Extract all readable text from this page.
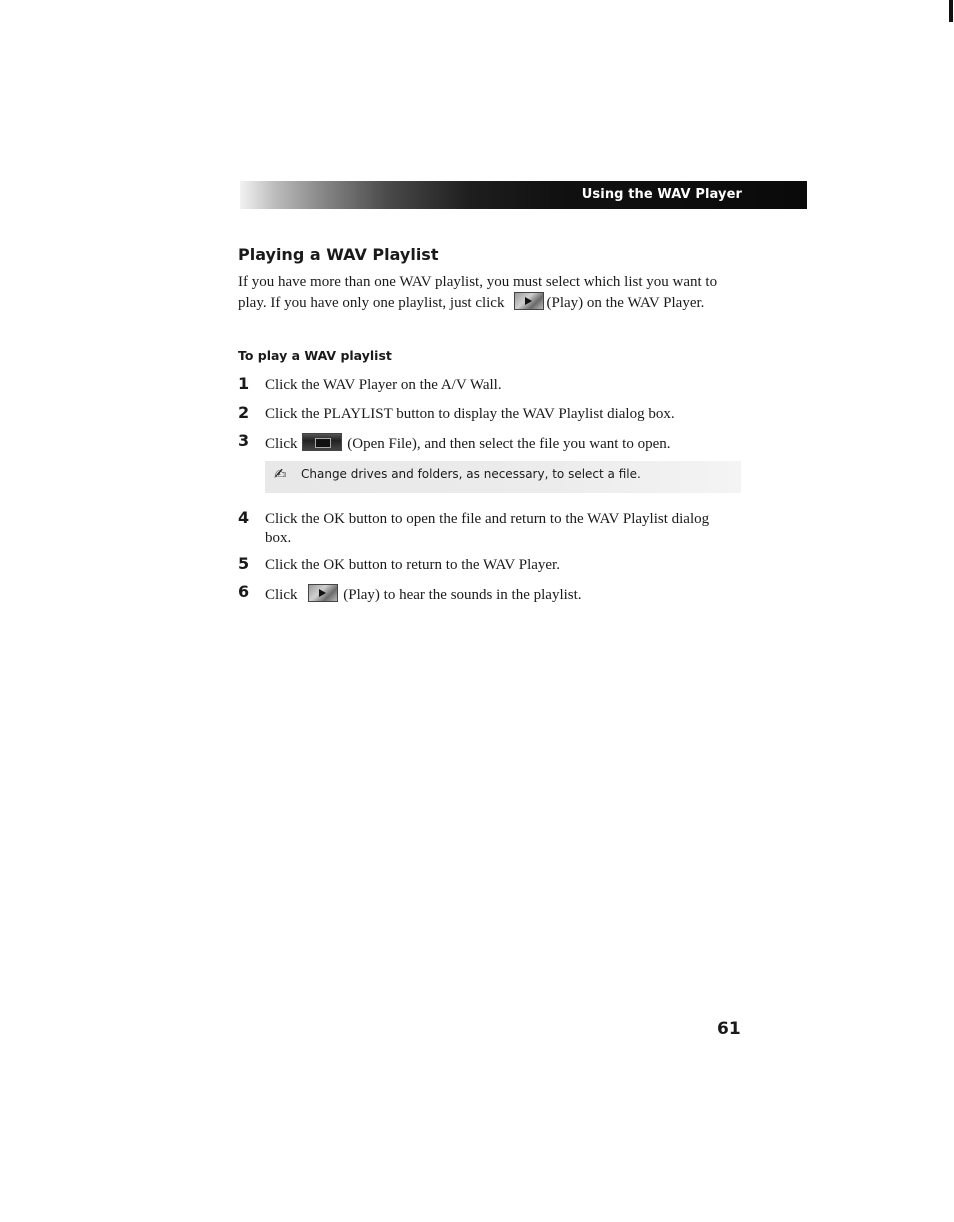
Using the WAV Player
Playing a WAV Playlist

If you have more than one WAV playlist, you must select which list you want to play. If you have only one playlist, just click	(Play) on the WAV Player.

To play a WAV playlist
1 Click the WAV Player on the A/V Wall.
2 Click the PLAYLIST button to display the WAV Playlist dialog box.
3 Click	(Open File), and then select the file you want to open.
✍ Change drives and folders, as necessary, to select a file.
4 Click the OK button to open the file and return to the WAV Playlist dialog box.
5 Click the OK button to return to the WAV Player.
6 Click	(Play) to hear the sounds in the playlist.
61
